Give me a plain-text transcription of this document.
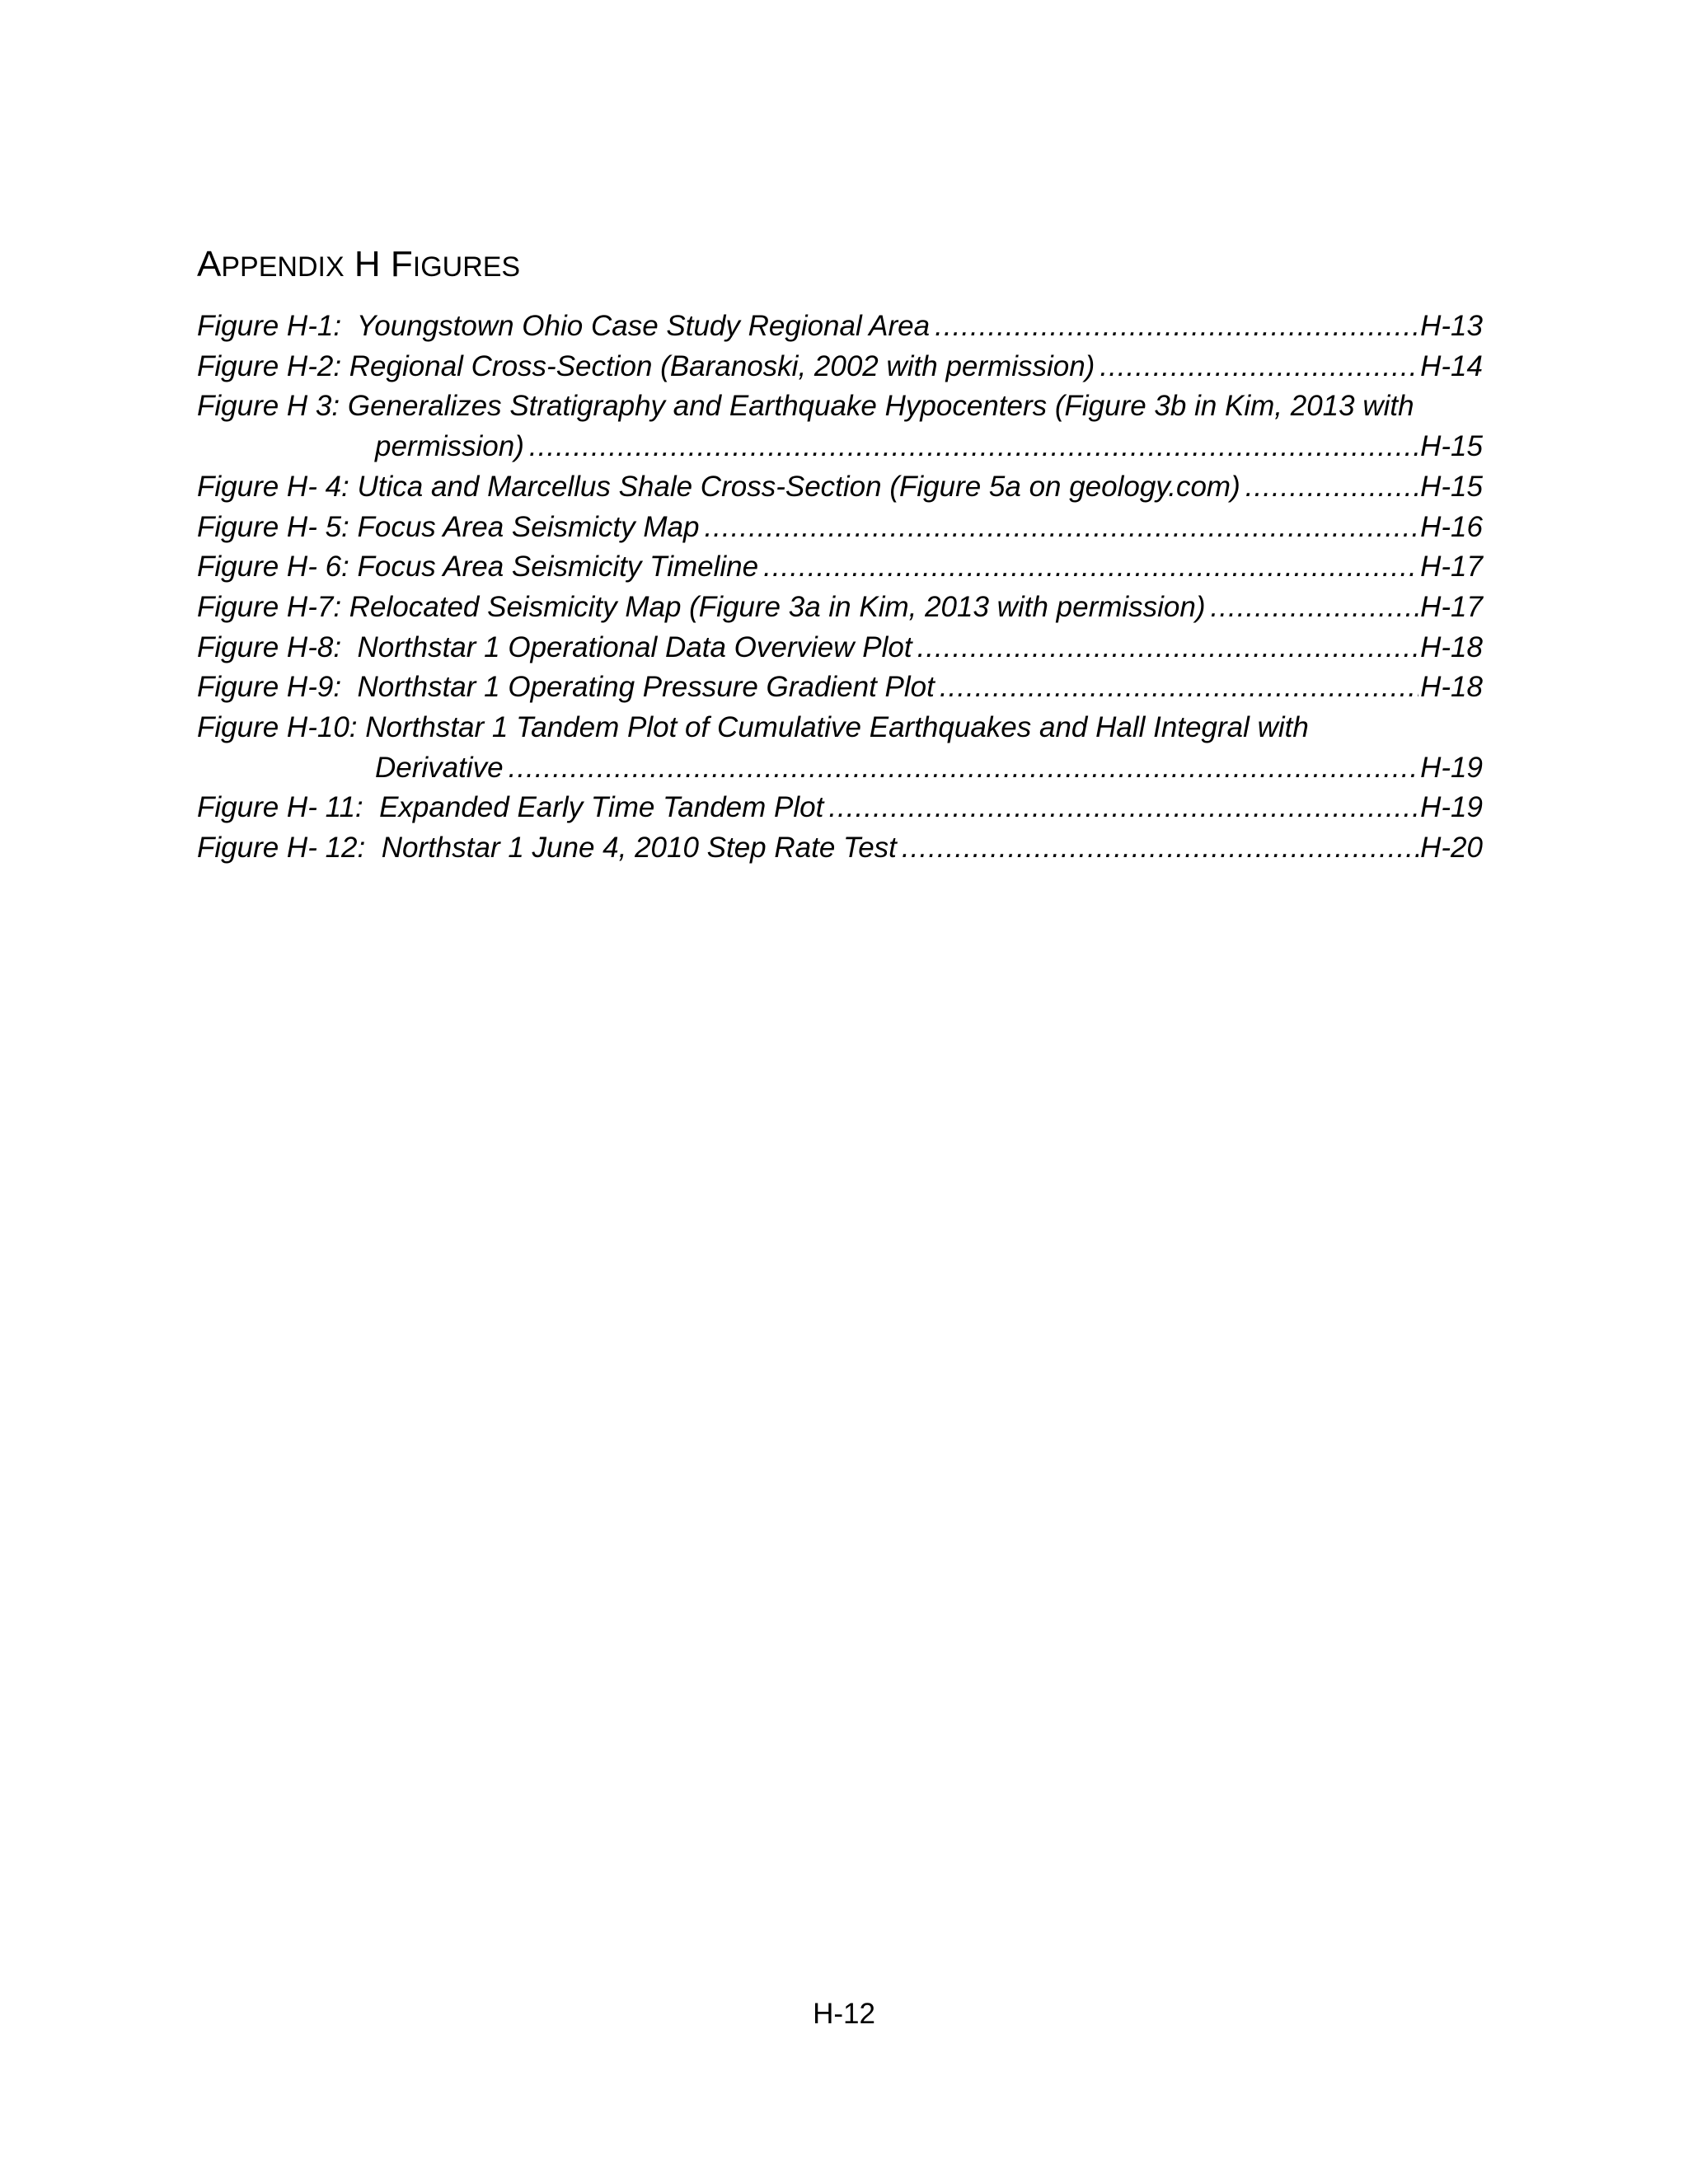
APPENDIX H FIGURES
Figure H-1:  Youngstown Ohio Case Study Regional Area .....	H-13
Figure H-2: Regional Cross-Section (Baranoski, 2002 with permission) .....	H-14
Figure H 3: Generalizes Stratigraphy and Earthquake Hypocenters (Figure 3b in Kim, 2013 with
permission) .....	H-15
Figure H- 4: Utica and Marcellus Shale Cross-Section (Figure 5a on geology.com) .....	H-15
Figure H- 5: Focus Area Seismicty Map .....	H-16
Figure H- 6: Focus Area Seismicity Timeline .....	H-17
Figure H-7: Relocated Seismicity Map (Figure 3a in Kim, 2013 with permission) .....	H-17
Figure H-8:  Northstar 1 Operational Data Overview Plot .....	H-18
Figure H-9:  Northstar 1 Operating Pressure Gradient Plot .....	H-18
Figure H-10: Northstar 1 Tandem Plot of Cumulative Earthquakes and Hall Integral with
Derivative .....	H-19
Figure H- 11:  Expanded Early Time Tandem Plot .....	H-19
Figure H- 12:  Northstar 1 June 4, 2010 Step Rate Test .....	H-20
H-12
